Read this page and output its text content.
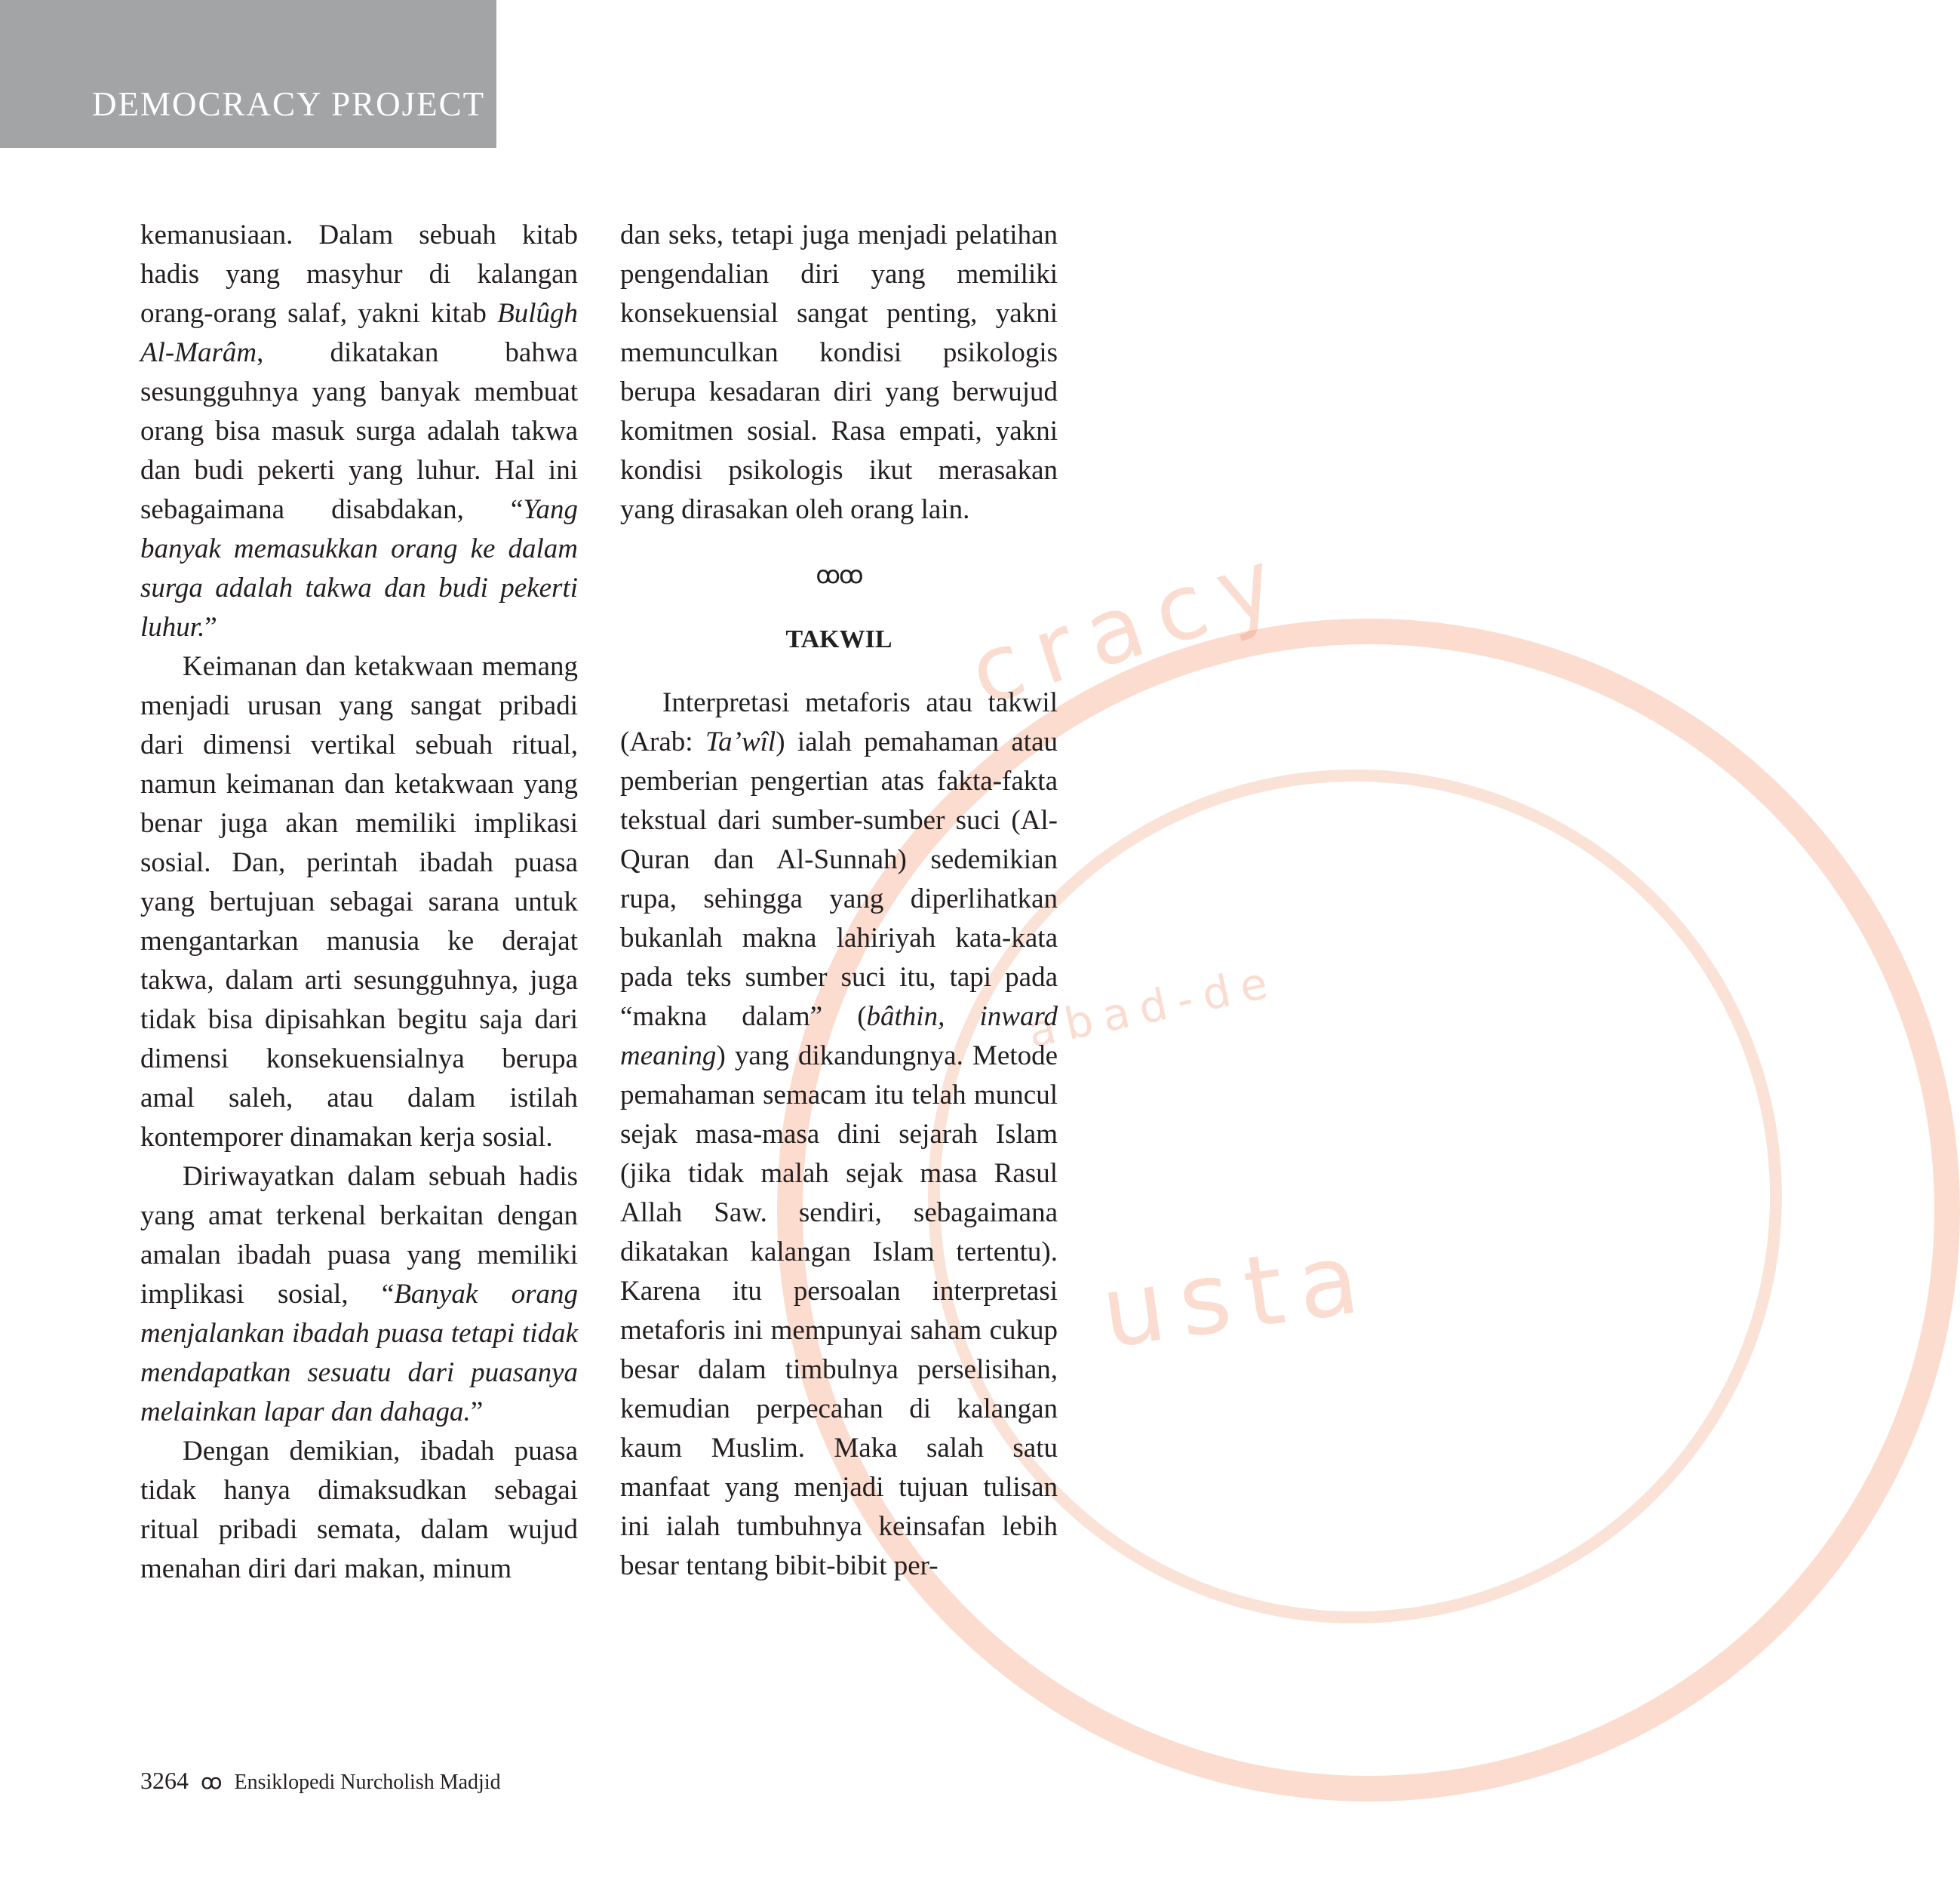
DEMOCRACY PROJECT
cracy
abad-de
usta

kemanusiaan. Dalam sebuah kitab hadis yang masyhur di kalangan orang-orang salaf, yakni kitab Bulûgh Al-Marâm, dikatakan bahwa sesungguhnya yang banyak membuat orang bisa masuk surga adalah takwa dan budi pekerti yang luhur. Hal ini sebagaimana disabdakan, “Yang banyak memasukkan orang ke dalam surga adalah takwa dan budi pekerti luhur.”

Keimanan dan ketakwaan memang menjadi urusan yang sangat pribadi dari dimensi vertikal sebuah ritual, namun keimanan dan ketakwaan yang benar juga akan memiliki implikasi sosial. Dan, perintah ibadah puasa yang bertujuan sebagai sarana untuk mengantarkan manusia ke derajat takwa, dalam arti sesungguhnya, juga tidak bisa dipisahkan begitu saja dari dimensi konsekuensialnya berupa amal saleh, atau dalam istilah kontemporer dinamakan kerja sosial.

Diriwayatkan dalam sebuah hadis yang amat terkenal berkaitan dengan amalan ibadah puasa yang memiliki implikasi sosial, “Banyak orang menjalankan ibadah puasa tetapi tidak mendapatkan sesuatu dari puasanya melainkan lapar dan dahaga.”

Dengan demikian, ibadah puasa tidak hanya dimaksudkan sebagai ritual pribadi semata, dalam wujud menahan diri dari makan, minum

dan seks, tetapi juga menjadi pelatihan pengendalian diri yang memiliki konsekuensial sangat penting, yakni memunculkan kondisi psikologis berupa kesadaran diri yang berwujud komitmen sosial. Rasa empati, yakni kondisi psikologis ikut merasakan yang dirasakan oleh orang lain.

ꝏꝏ
TAKWIL

Interpretasi metaforis atau takwil (Arab: Ta’wîl) ialah pemahaman atau pemberian pengertian atas fakta-fakta tekstual dari sumber-sumber suci (Al-Quran dan Al-Sunnah) sedemikian rupa, sehingga yang diperlihatkan bukanlah makna lahiriyah kata-kata pada teks sumber suci itu, tapi pada “makna dalam” (bâthin, inward meaning) yang dikandungnya. Metode pemahaman semacam itu telah muncul sejak masa-masa dini sejarah Islam (jika tidak malah sejak masa Rasul Allah Saw. sendiri, sebagaimana dikatakan kalangan Islam tertentu). Karena itu persoalan interpretasi metaforis ini mempunyai saham cukup besar dalam timbulnya perselisihan, kemudian perpecahan di kalangan kaum Muslim. Maka salah satu manfaat yang menjadi tujuan tulisan ini ialah tumbuhnya keinsafan lebih besar tentang bibit-bibit per-

3264 ꝏ Ensiklopedi Nurcholish Madjid
